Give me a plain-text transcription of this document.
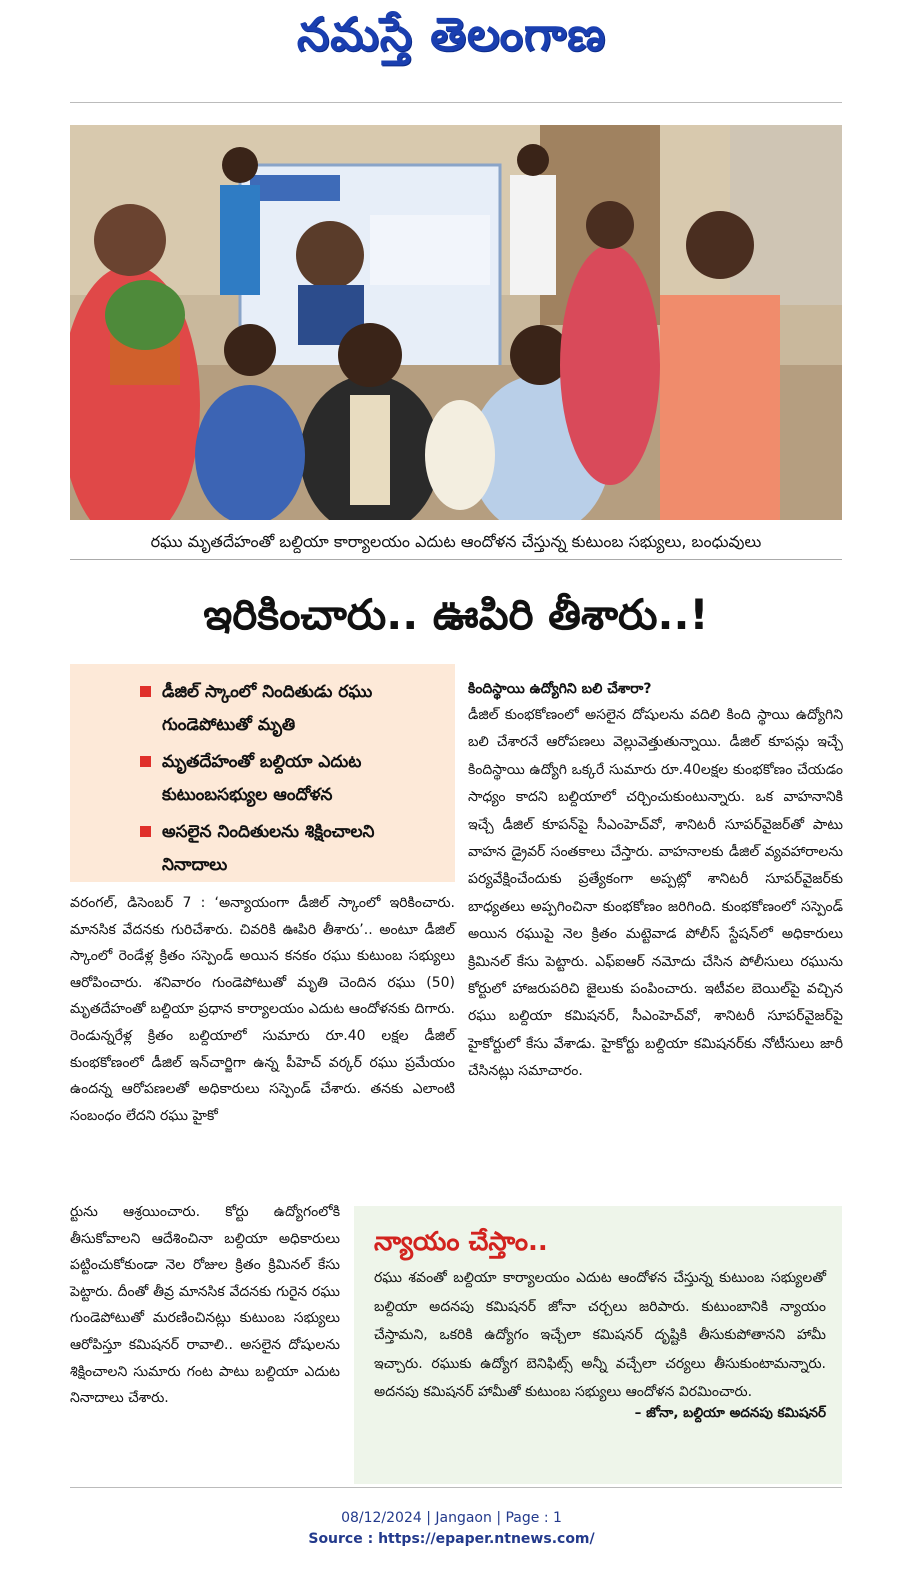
నమస్తే తెలంగాణ
రఘు మృతదేహంతో బల్దియా కార్యాలయం ఎదుట ఆందోళన చేస్తున్న కుటుంబ సభ్యులు, బంధువులు
ఇరికించారు.. ఊపిరి తీశారు..!
డీజిల్ స్కాంలో నిందితుడు రఘు గుండెపోటుతో మృతి
మృతదేహంతో బల్దియా ఎదుట కుటుంబసభ్యుల ఆందోళన
అసలైన నిందితులను శిక్షించాలని నినాదాలు
వరంగల్, డిసెంబర్ 7 : ‘అన్యాయంగా డీజిల్ స్కాంలో ఇరికించారు. మానసిక వేదనకు గురిచేశారు. చివరికి ఊపిరి తీశారు’.. అంటూ డీజిల్ స్కాంలో రెండేళ్ల క్రితం సస్పెండ్ అయిన కనకం రఘు కుటుంబ సభ్యులు ఆరోపించారు. శనివారం గుండెపోటుతో మృతి చెందిన రఘు (50) మృతదేహంతో బల్దియా ప్రధాన కార్యాలయం ఎదుట ఆందోళనకు దిగారు. రెండున్నరేళ్ల క్రితం బల్దియాలో సుమారు రూ.40 లక్షల డీజిల్ కుంభకోణంలో డీజిల్ ఇన్‌చార్జిగా ఉన్న పీహెచ్ వర్కర్ రఘు ప్రమేయం ఉందన్న ఆరోపణలతో అధికారులు సస్పెండ్ చేశారు. తనకు ఎలాంటి సంబంధం లేదని రఘు హైకో
ర్టును ఆశ్రయించారు. కోర్టు ఉద్యోగంలోకి తీసుకోవాలని ఆదేశించినా బల్దియా అధికారులు పట్టించుకోకుండా నెల రోజుల క్రితం క్రిమినల్ కేసు పెట్టారు. దీంతో తీవ్ర మానసిక వేదనకు గురైన రఘు గుండెపోటుతో మరణించినట్లు కుటుంబ సభ్యులు ఆరోపిస్తూ కమిషనర్ రావాలి.. అసలైన దోషులను శిక్షించాలని సుమారు గంట పాటు బల్దియా ఎదుట నినాదాలు చేశారు.
కిందిస్థాయి ఉద్యోగిని బలి చేశారా?
డీజిల్ కుంభకోణంలో అసలైన దోషులను వదిలి కింది స్థాయి ఉద్యోగిని బలి చేశారనే ఆరోపణలు వెల్లువెత్తుతున్నాయి. డీజిల్ కూపన్లు ఇచ్చే కిందిస్థాయి ఉద్యోగి ఒక్కరే సుమారు రూ.40లక్షల కుంభకోణం చేయడం సాధ్యం కాదని బల్దియాలో చర్చించుకుంటున్నారు. ఒక వాహనానికి ఇచ్చే డీజిల్ కూపన్‌పై సీఎంహెచ్‌వో, శానిటరీ సూపర్‌వైజర్‌తో పాటు వాహన డ్రైవర్ సంతకాలు చేస్తారు. వాహనాలకు డీజిల్ వ్యవహారాలను పర్యవేక్షించేందుకు ప్రత్యేకంగా అప్పట్లో శానిటరీ సూపర్‌వైజర్‌కు బాధ్యతలు అప్పగించినా కుంభకోణం జరిగింది. కుంభకోణంలో సస్పెండ్ అయిన రఘుపై నెల క్రితం మట్టెవాడ పోలీస్ స్టేషన్‌లో అధికారులు క్రిమినల్ కేసు పెట్టారు. ఎఫ్ఐఆర్ నమోదు చేసిన పోలీసులు రఘును కోర్టులో హాజరుపరిచి జైలుకు పంపించారు. ఇటీవల బెయిల్‌పై వచ్చిన రఘు బల్దియా కమిషనర్, సీఎంహెచ్‌వో, శానిటరీ సూపర్‌వైజర్‌పై హైకోర్టులో కేసు వేశాడు. హైకోర్టు బల్దియా కమిషనర్‌కు నోటీసులు జారీ చేసినట్లు సమాచారం.
న్యాయం చేస్తాం..
రఘు శవంతో బల్దియా కార్యాలయం ఎదుట ఆందోళన చేస్తున్న కుటుంబ సభ్యులతో బల్దియా అదనపు కమిషనర్ జోనా చర్చలు జరిపారు. కుటుంబానికి న్యాయం చేస్తామని, ఒకరికి ఉద్యోగం ఇచ్చేలా కమిషనర్ దృష్టికి తీసుకుపోతానని హామీ ఇచ్చారు. రఘుకు ఉద్యోగ బెనిఫిట్స్ అన్నీ వచ్చేలా చర్యలు తీసుకుంటామన్నారు. అదనపు కమిషనర్ హామీతో కుటుంబ సభ్యులు ఆందోళన విరమించారు.
– జోనా, బల్దియా అదనపు కమిషనర్
08/12/2024 | Jangaon | Page : 1
Source : https://epaper.ntnews.com/
